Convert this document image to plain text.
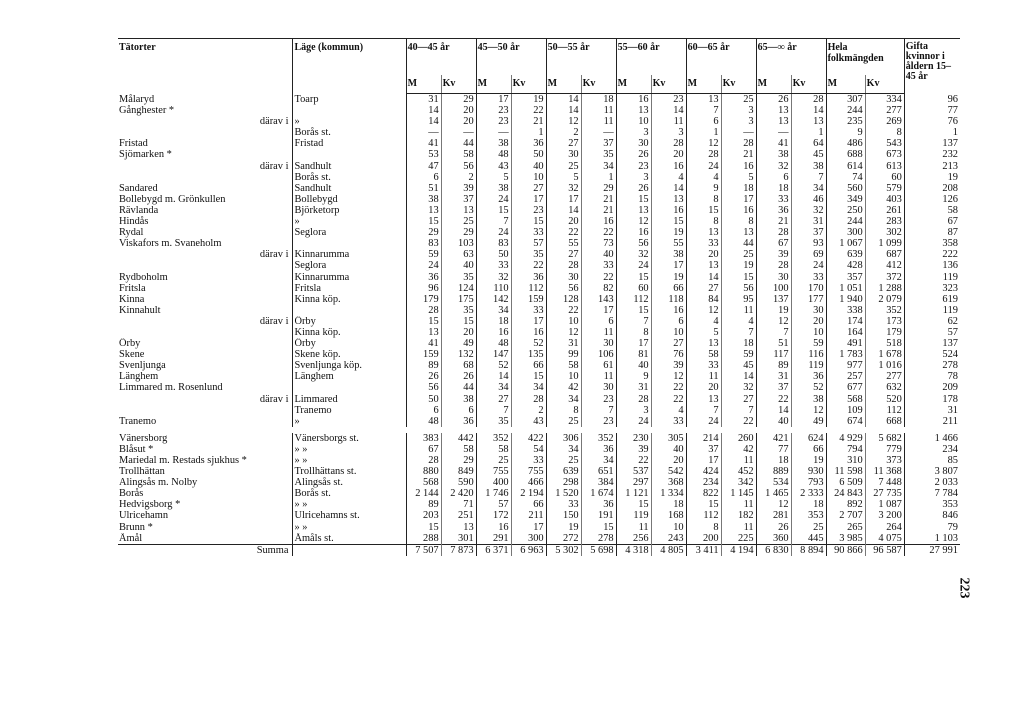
Tätorter	Läge (kommun)	40—45 år		45—50 år		50—55 år		55—60 år		60—65 år		65—∞ år		Hela folkmängden		Gifta kvinnor i åldern 15–45 år
		M	Kv	M	Kv	M	Kv	M	Kv	M	Kv	M	Kv	M	Kv	
Målaryd	Toarp	31	29	17	19	14	18	16	23	13	25	26	28	307	334	96
Gånghester *		14	20	23	22	14	11	13	14	7	3	13	14	244	277	77
därav i	»	14	20	23	21	12	11	10	11	6	3	13	13	235	269	76
	Borås st.	—	—	—	1	2	—	3	3	1	—	—	1	9	8	1
Fristad	Fristad	41	44	38	36	27	37	30	28	12	28	41	64	486	543	137
Sjömarken *		53	58	48	50	30	35	26	20	28	21	38	45	688	673	232
därav i	Sandhult	47	56	43	40	25	34	23	16	24	16	32	38	614	613	213
	Borås st.	6	2	5	10	5	1	3	4	4	5	6	7	74	60	19
Sandared	Sandhult	51	39	38	27	32	29	26	14	9	18	18	34	560	579	208
Bollebygd m. Grönkullen	Bollebygd	38	37	24	17	17	21	15	13	8	17	33	46	349	403	126
Rävlanda	Björketorp	13	13	15	23	14	21	13	16	15	16	36	32	250	261	58
Hindås	»	15	25	7	15	20	16	12	15	8	8	21	31	244	283	67
Rydal	Seglora	29	29	24	33	22	22	16	19	13	13	28	37	300	302	87
Viskafors m. Svaneholm		83	103	83	57	55	73	56	55	33	44	67	93	1 067	1 099	358
därav i	Kinnarumma	59	63	50	35	27	40	32	38	20	25	39	69	639	687	222
	Seglora	24	40	33	22	28	33	24	17	13	19	28	24	428	412	136
Rydboholm	Kinnarumma	36	35	32	36	30	22	15	19	14	15	30	33	357	372	119
Fritsla	Fritsla	96	124	110	112	56	82	60	66	27	56	100	170	1 051	1 288	323
Kinna	Kinna köp.	179	175	142	159	128	143	112	118	84	95	137	177	1 940	2 079	619
Kinnahult		28	35	34	33	22	17	15	16	12	11	19	30	338	352	119
därav i	Örby	15	15	18	17	10	6	7	6	4	4	12	20	174	173	62
	Kinna köp.	13	20	16	16	12	11	8	10	5	7	7	10	164	179	57
Örby	Örby	41	49	48	52	31	30	17	27	13	18	51	59	491	518	137
Skene	Skene köp.	159	132	147	135	99	106	81	76	58	59	117	116	1 783	1 678	524
Svenljunga	Svenljunga köp.	89	68	52	66	58	61	40	39	33	45	89	119	977	1 016	278
Länghem	Länghem	26	26	14	15	10	11	9	12	11	14	31	36	257	277	78
Limmared m. Rosenlund		56	44	34	34	42	30	31	22	20	32	37	52	677	632	209
därav i	Limmared	50	38	27	28	34	23	28	22	13	27	22	38	568	520	178
	Tranemo	6	6	7	2	8	7	3	4	7	7	14	12	109	112	31
Tranemo	»	48	36	35	43	25	23	24	33	24	22	40	49	674	668	211

Vänersborg	Vänersborgs st.	383	442	352	422	306	352	230	305	214	260	421	624	4 929	5 682	1 466
Blåsut *	» »	67	58	58	54	34	36	39	40	37	42	77	66	794	779	234
Mariedal m. Restads sjukhus *	» »	28	29	25	33	25	34	22	20	17	11	18	19	310	373	85
Trollhättan	Trollhättans st.	880	849	755	755	639	651	537	542	424	452	889	930	11 598	11 368	3 807
Alingsås m. Nolby	Alingsås st.	568	590	400	466	298	384	297	368	234	342	534	793	6 509	7 448	2 033
Borås	Borås st.	2 144	2 420	1 746	2 194	1 520	1 674	1 121	1 334	822	1 145	1 465	2 333	24 843	27 735	7 784
Hedvigsborg *	» »	89	71	57	66	33	36	15	18	15	11	12	18	892	1 087	353
Ulricehamn	Ulricehamns st.	203	251	172	211	150	191	119	168	112	182	281	353	2 707	3 200	846
Brunn *	» »	15	13	16	17	19	15	11	10	8	11	26	25	265	264	79
Åmål	Åmåls st.	288	301	291	300	272	278	256	243	200	225	360	445	3 985	4 075	1 103
Summa		7 507	7 873	6 371	6 963	5 302	5 698	4 318	4 805	3 411	4 194	6 830	8 894	90 866	96 587	27 991
223
